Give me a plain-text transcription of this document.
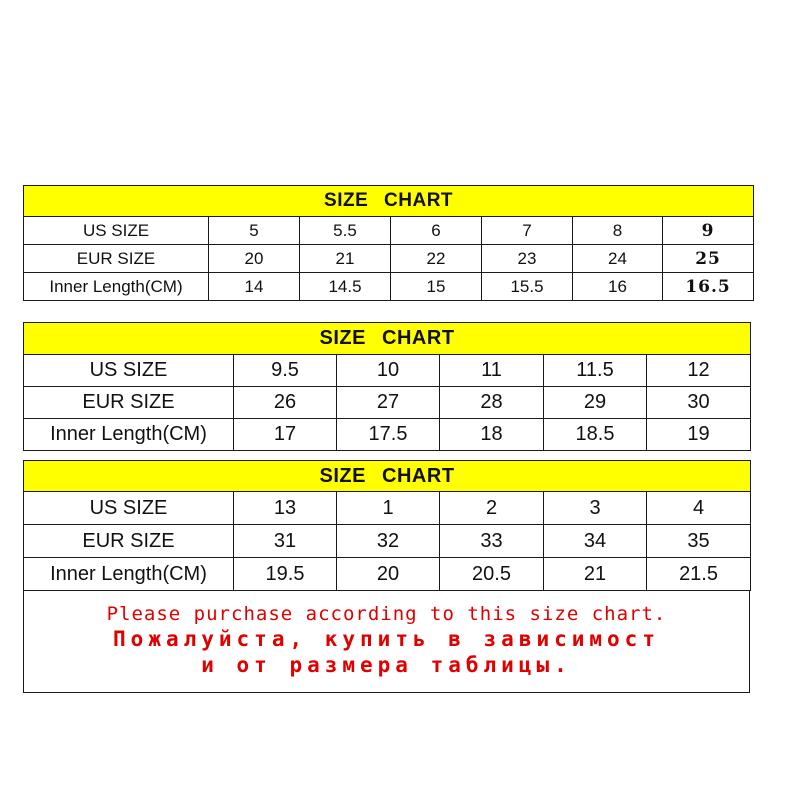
SIZE CHART						
US SIZE	5	5.5	6	7	8	9
EUR SIZE	20	21	22	23	24	25
Inner Length(CM)	14	14.5	15	15.5	16	16.5
SIZE CHART					
US SIZE	9.5	10	11	11.5	12
EUR SIZE	26	27	28	29	30
Inner Length(CM)	17	17.5	18	18.5	19
SIZE CHART					
US SIZE	13	1	2	3	4
EUR SIZE	31	32	33	34	35
Inner Length(CM)	19.5	20	20.5	21	21.5
Please purchase according to this size chart.
Пожалуйста, купить в зависимост
и от размера таблицы.
